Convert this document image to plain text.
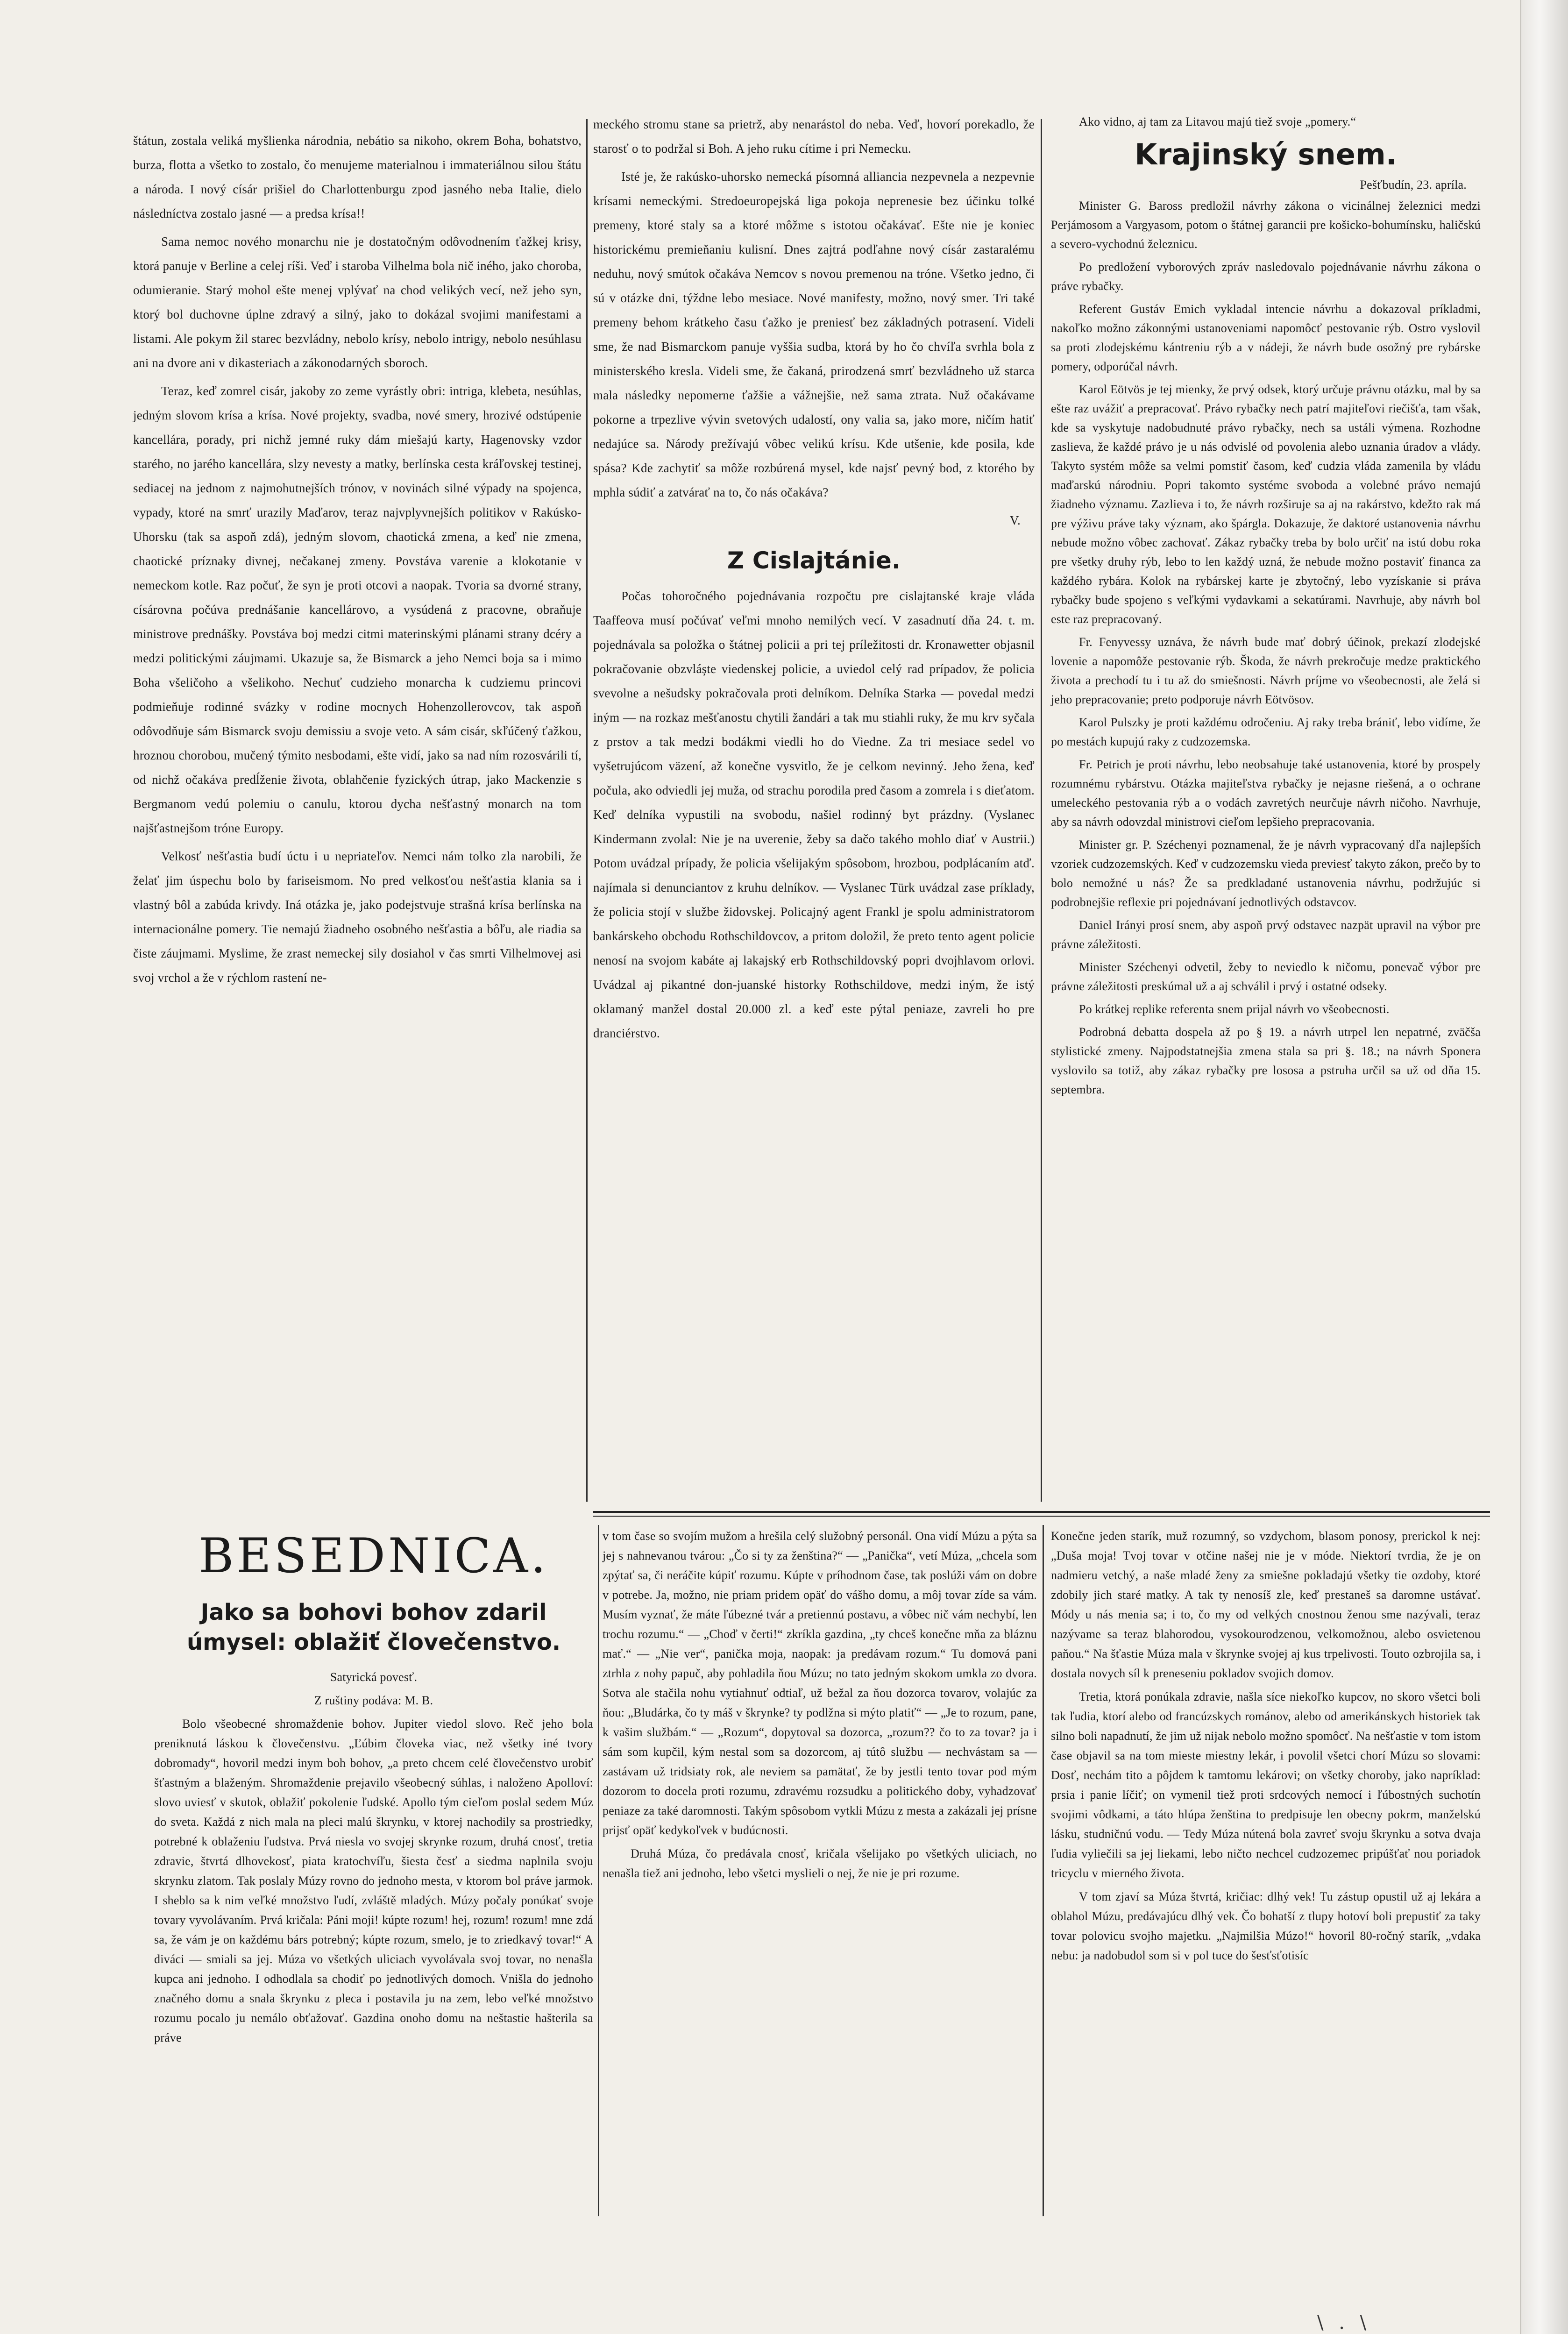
štátun, zostala veliká myšlienka národnia, nebátio sa nikoho, okrem Boha, bohatstvo, burza, flotta a všetko to zostalo, čo menujeme materialnou i immateriálnou silou štátu a národa. I nový císár prišiel do Charlottenburgu zpod jasného neba Italie, dielo následníctva zostalo jasné — a predsa krísa!!

Sama nemoc nového monarchu nie je dostatočným odôvodnením ťažkej krisy, ktorá panuje v Berline a celej ríši. Veď i staroba Vilhelma bola nič iného, jako choroba, odumieranie. Starý mohol ešte menej vplývať na chod velikých vecí, než jeho syn, ktorý bol duchovne úplne zdravý a silný, jako to dokázal svojimi manifestami a listami. Ale pokym žil starec bezvládny, nebolo krísy, nebolo intrigy, nebolo nesúhlasu ani na dvore ani v dikasteriach a zákonodarných sboroch.

Teraz, keď zomrel cisár, jakoby zo zeme vyrástly obri: intriga, klebeta, nesúhlas, jedným slovom krísa a krísa. Nové projekty, svadba, nové smery, hrozivé odstúpenie kancellára, porady, pri nichž jemné ruky dám miešajú karty, Hagenovsky vzdor starého, no jarého kancellára, slzy nevesty a matky, berlínska cesta kráľovskej testinej, sediacej na jednom z najmohutnejších trónov, v novinách silné výpady na spojenca, vypady, ktoré na smrť urazily Maďarov, teraz najvplyvnejších politikov v Rakúsko-Uhorsku (tak sa aspoň zdá), jedným slovom, chaotická zmena, a keď nie zmena, chaotické príznaky divnej, nečakanej zmeny. Povstáva varenie a klokotanie v nemeckom kotle. Raz počuť, že syn je proti otcovi a naopak. Tvoria sa dvorné strany, císárovna počúva prednášanie kancellárovo, a vysúdená z pracovne, obraňuje ministrove prednášky. Povstáva boj medzi citmi materinskými plánami strany dcéry a medzi politickými záujmami. Ukazuje sa, že Bismarck a jeho Nemci boja sa i mimo Boha všeličoho a všelikoho. Nechuť cudzieho monarcha k cudziemu princovi podmieňuje rodinné svázky v rodine mocnych Hohenzollerovcov, tak aspoň odôvodňuje sám Bismarck svoju demissiu a svoje veto. A sám cisár, skľúčený ťažkou, hroznou chorobou, mučený týmito nesbodami, ešte vidí, jako sa nad ním rozosvárili tí, od nichž očakáva predĺženie života, oblahčenie fyzických útrap, jako Mackenzie s Bergmanom vedú polemiu o canulu, ktorou dycha nešťastný monarch na tom najšťastnejšom tróne Europy.

Velkosť nešťastia budí úctu i u nepriateľov. Nemci nám tolko zla narobili, že želať jim úspechu bolo by fariseismom. No pred velkosťou nešťastia klania sa i vlastný bôl a zabúda krivdy. Iná otázka je, jako podejstvuje strašná krísa berlínska na internacionálne pomery. Tie nemajú žiadneho osobného nešťastia a bôľu, ale riadia sa čiste záujmami. Myslime, že zrast nemeckej sily dosiahol v čas smrti Vilhelmovej asi svoj vrchol a že v rýchlom rastení ne-

meckého stromu stane sa prietrž, aby nenarástol do neba. Veď, hovorí porekadlo, že starosť o to podržal si Boh. A jeho ruku cítime i pri Nemecku.

Isté je, že rakúsko-uhorsko nemecká písomná alliancia nezpevnela a nezpevnie krísami nemeckými. Stredoeuropejská liga pokoja neprenesie bez účinku tolké premeny, ktoré staly sa a ktoré môžme s istotou očakávať. Ešte nie je koniec historickému premieňaniu kulisní. Dnes zajtrá podľahne nový císár zastaralému neduhu, nový smútok očakáva Nemcov s novou premenou na tróne. Všetko jedno, či sú v otázke dni, týždne lebo mesiace. Nové manifesty, možno, nový smer. Tri také premeny behom krátkeho času ťažko je preniesť bez základných potrasení. Videli sme, že nad Bismarckom panuje vyššia sudba, ktorá by ho čo chvíľa svrhla bola z ministerského kresla. Videli sme, že čakaná, prirodzená smrť bezvládneho už starca mala následky nepomerne ťažšie a vážnejšie, než sama ztrata. Nuž očakávame pokorne a trpezlive vývin svetových udalostí, ony valia sa, jako more, ničím hatiť nedajúce sa. Národy prežívajú vôbec velikú krísu. Kde utšenie, kde posila, kde spása? Kde zachytiť sa môže rozbúrená mysel, kde najsť pevný bod, z ktorého by mphla súdiť a zatvárať na to, čo nás očakáva?

V.

Z Cislajtánie.

Počas tohoročného pojednávania rozpočtu pre cislajtanské kraje vláda Taaffeova musí počúvať veľmi mnoho nemilých vecí. V zasadnutí dňa 24. t. m. pojednávala sa položka o štátnej policii a pri tej príležitosti dr. Kronawetter objasnil pokračovanie obzvláște viedenskej policie, a uviedol celý rad prípadov, že policia svevolne a nešudsky pokračovala proti delníkom. Delníka Starka — povedal medzi iným — na rozkaz mešťanostu chytili žandári a tak mu stiahli ruky, že mu krv syčala z prstov a tak medzi bodákmi viedli ho do Viedne. Za tri mesiace sedel vo vyšetrujúcom väzení, až konečne vysvitlo, že je celkom nevinný. Jeho žena, keď počula, ako odviedli jej muža, od strachu porodila pred časom a zomrela i s dieťatom. Keď delníka vypustili na svobodu, našiel rodinný byt prázdny. (Vyslanec Kindermann zvolal: Nie je na uverenie, žeby sa dačo takého mohlo diať v Austrii.) Potom uvádzal prípady, že policia všelijakým spôsobom, hrozbou, podplácaním atď. najímala si denunciantov z kruhu delníkov. — Vyslanec Türk uvádzal zase príklady, že policia stojí v službe židovskej. Policajný agent Frankl je spolu administratorom bankárskeho obchodu Rothschildovcov, a pritom doložil, že preto tento agent policie nenosí na svojom kabáte aj lakajský erb Rothschildovský popri dvojhlavom orlovi. Uvádzal aj pikantné don-juanské historky Rothschildove, medzi iným, že istý oklamaný manžel dostal 20.000 zl. a keď este pýtal peniaze, zavreli ho pre dranciérstvo.

Ako vidno, aj tam za Litavou majú tiež svoje „pomery.“

Krajinský snem.
Pešťbudín, 23. apríla.

Minister G. Baross predložil návrhy zákona o vicinálnej železnici medzi Perjámosom a Vargyasom, potom o štátnej garancii pre košicko-bohumínsku, haličskú a severo-vychodnú železnicu.

Po predložení vyborových zpráv nasledovalo pojednávanie návrhu zákona o práve rybačky.

Referent Gustáv Emich vykladal intencie návrhu a dokazoval príkladmi, nakoľko možno zákonnými ustanoveniami napomôcť pestovanie rýb. Ostro vyslovil sa proti zlodejskému kántreniu rýb a v nádeji, že návrh bude osožný pre rybárske pomery, odporúčal návrh.

Karol Eötvös je tej mienky, že prvý odsek, ktorý určuje právnu otázku, mal by sa ešte raz uvážiť a prepracovať. Právo rybačky nech patrí majiteľovi riečišťa, tam však, kde sa vyskytuje nadobudnuté právo rybačky, nech sa ustáli výmena. Rozhodne zaslieva, že každé právo je u nás odvislé od povolenia alebo uznania úradov a vlády. Takyto systém môže sa velmi pomstiť časom, keď cudzia vláda zamenila by vládu maďarskú národniu. Popri takomto systéme svoboda a volebné právo nemajú žiadneho významu. Zazlieva i to, že návrh rozširuje sa aj na rakárstvo, kdežto rak má pre výživu práve taky význam, ako špárgla. Dokazuje, že daktoré ustanovenia návrhu nebude možno vôbec zachovať. Zákaz rybačky treba by bolo určiť na istú dobu roka pre všetky druhy rýb, lebo to len každý uzná, že nebude možno postaviť financa za každého rybára. Kolok na rybárskej karte je zbytočný, lebo vyzískanie si práva rybačky bude spojeno s veľkými vydavkami a sekatúrami. Navrhuje, aby návrh bol este raz prepracovaný.

Fr. Fenyvessy uznáva, že návrh bude mať dobrý účinok, prekazí zlodejské lovenie a napomôže pestovanie rýb. Škoda, že návrh prekročuje medze praktického života a prechodí tu i tu až do smiešnosti. Návrh príjme vo všeobecnosti, ale želá si jeho prepracovanie; preto podporuje návrh Eötvösov.

Karol Pulszky je proti každému odročeniu. Aj raky treba brániť, lebo vidíme, že po mestách kupujú raky z cudzozemska.

Fr. Petrich je proti návrhu, lebo neobsahuje také ustanovenia, ktoré by prospely rozumnému rybárstvu. Otázka majiteľstva rybačky je nejasne riešená, a o ochrane umeleckého pestovania rýb a o vodách zavretých neurčuje návrh ničoho. Navrhuje, aby sa návrh odovzdal ministrovi cieľom lepšieho prepracovania.

Minister gr. P. Széchenyi poznamenal, že je návrh vypracovaný dľa najlepších vzoriek cudzozemských. Keď v cudzozemsku vieda previesť takyto zákon, prečo by to bolo nemožné u nás? Že sa predkladané ustanovenia návrhu, podržujúc si podrobnejšie reflexie pri pojednávaní jednotlivých odstavcov.

Daniel Irányi prosí snem, aby aspoň prvý odstavec nazpät upravil na výbor pre právne záležitosti.

Minister Széchenyi odvetil, žeby to neviedlo k ničomu, ponevač výbor pre právne záležitosti preskúmal už a aj schválil i prvý i ostatné odseky.

Po krátkej replike referenta snem prijal návrh vo všeobecnosti.

Podrobná debatta dospela až po § 19. a návrh utrpel len nepatrné, zväčša stylistické zmeny. Najpodstatnejšia zmena stala sa pri §. 18.; na návrh Sponera vyslovilo sa totiž, aby zákaz rybačky pre lososa a pstruha určil sa už od dňa 15. septembra.

BESEDNICA.
Jako sa bohovi bohov zdaril úmysel: oblažiť človečenstvo.

Satyrická povesť.

Z ruštiny podáva: M. B.

Bolo všeobecné shromaždenie bohov. Jupiter viedol slovo. Reč jeho bola preniknutá láskou k človečenstvu. „Ľúbim človeka viac, než všetky iné tvory dobromady“, hovoril medzi inym boh bohov, „a preto chcem celé človečenstvo urobiť šťastným a blaženým. Shromaždenie prejavilo všeobecný súhlas, i naloženo Apolloví: slovo uviesť v skutok, oblažiť pokolenie ľudské. Apollo tým cieľom poslal sedem Múz do sveta. Každá z nich mala na pleci malú škrynku, v ktorej nachodily sa prostriedky, potrebné k oblaženiu ľudstva. Prvá niesla vo svojej skrynke rozum, druhá cnosť, tretia zdravie, štvrtá dlhovekosť, piata kratochvíľu, šiesta česť a siedma naplnila svoju skrynku zlatom. Tak poslaly Múzy rovno do jednoho mesta, v ktorom bol práve jarmok. I sheblo sa k nim veľké množstvo ľudí, zvláště mladých. Múzy počaly ponúkať svoje tovary vyvolávaním. Prvá kričala: Páni moji! kúpte rozum! hej, rozum! rozum! mne zdá sa, že vám je on každému bárs potrebný; kúpte rozum, smelo, je to zriedkavý tovar!“ A diváci — smiali sa jej. Múza vo všetkých uliciach vyvolávala svoj tovar, no nenašla kupca ani jednoho. I odhodlala sa chodiť po jednotlivých domoch. Vnišla do jednoho značného domu a snala škrynku z pleca i postavila ju na zem, lebo veľké množstvo rozumu pocalo ju nemálo obťažovať. Gazdina onoho domu na neštastie hašterila sa práve

v tom čase so svojím mužom a hrešila celý služobný personál. Ona vidí Múzu a pýta sa jej s nahnevanou tvárou: „Čo si ty za ženština?“ — „Panička“, vetí Múza, „chcela som zpýtať sa, či neráčite kúpiť rozumu. Kúpte v príhodnom čase, tak poslúži vám on dobre v potrebe. Ja, možno, nie priam pridem opäť do vášho domu, a môj tovar zíde sa vám. Musím vyznať, že máte ľúbezné tvár a pretiennú postavu, a vôbec nič vám nechybí, len trochu rozumu.“ — „Choď v čerti!“ zkríkla gazdina, „ty chceš konečne mňa za bláznu mať.“ — „Nie ver“, panička moja, naopak: ja predávam rozum.“ Tu domová pani ztrhla z nohy papuč, aby pohladila ňou Múzu; no tato jedným skokom umkla zo dvora. Sotva ale stačila nohu vytiahnuť odtiaľ, už bežal za ňou dozorca tovarov, volajúc za ňou: „Bludárka, čo ty máš v škrynke? ty podlžna si mýto platiť“ — „Je to rozum, pane, k vašim službám.“ — „Rozum“, dopytoval sa dozorca, „rozum?? čo to za tovar? ja i sám som kupčil, kým nestal som sa dozorcom, aj tútô službu — nechvástam sa — zastávam už tridsiaty rok, ale neviem sa pamätať, že by jestli tento tovar pod mým dozorom to docela proti rozumu, zdravému rozsudku a politického doby, vyhadzovať peniaze za také daromnosti. Takým spôsobom vytkli Múzu z mesta a zakázali jej prísne prijsť opäť kedykoľvek v budúcnosti.

Druhá Múza, čo predávala cnosť, kričala všelijako po všetkých uliciach, no nenašla tiež ani jednoho, lebo všetci myslieli o nej, že nie je pri rozume.

Konečne jeden starík, muž rozumný, so vzdychom, blasom ponosy, prerickol k nej: „Duša moja! Tvoj tovar v otčine našej nie je v móde. Niektorí tvrdia, že je on nadmieru vetchý, a naše mladé ženy za smiešne pokladajú všetky tie ozdoby, ktoré zdobily jich staré matky. A tak ty nenosíš zle, keď prestaneš sa daromne ustávať. Módy u nás menia sa; i to, čo my od velkých cnostnou ženou sme nazývali, teraz nazývame sa teraz blahorodou, vysokourodzenou, velkomožnou, alebo osvietenou paňou.“ Na šťastie Múza mala v škrynke svojej aj kus trpelivosti. Touto ozbrojila sa, i dostala novych síl k preneseniu pokladov svojich domov.

Tretia, ktorá ponúkala zdravie, našla síce niekoľko kupcov, no skoro všetci boli tak ľudia, ktorí alebo od francúzskych románov, alebo od amerikánskych historiek tak silno boli napadnutí, že jim už nijak nebolo možno spomôcť. Na nešťastie v tom istom čase objavil sa na tom mieste miestny lekár, i povolil všetci chorí Múzu so slovami: Dosť, nechám tito a pôjdem k tamtomu lekárovi; on všetky choroby, jako napríklad: prsia i panie líčiť; on vymenil tiež proti srdcových nemocí i ľúbostných suchotín svojimi vôdkami, a táto hlúpa ženština to predpisuje len obecny pokrm, manželskú lásku, studničnú vodu. — Tedy Múza nútená bola zavreť svoju škrynku a sotva dvaja ľudia vyliečili sa jej liekami, lebo ničto nechcel cudzozemec pripúšťať nou poriadok tricyclu v mierného života.

V tom zjaví sa Múza štvrtá, kričiac: dlhý vek! Tu zástup opustil už aj lekára a oblahol Múzu, predávajúcu dlhý vek. Čo bohatší z tlupy hotoví boli prepustiť za taky tovar polovicu svojho majetku. „Najmilšia Múzo!“ hovoril 80-ročný starík, „vdaka nebu: ja nadobudol som si v pol tuce do šesťsťotisíc

\ . \
